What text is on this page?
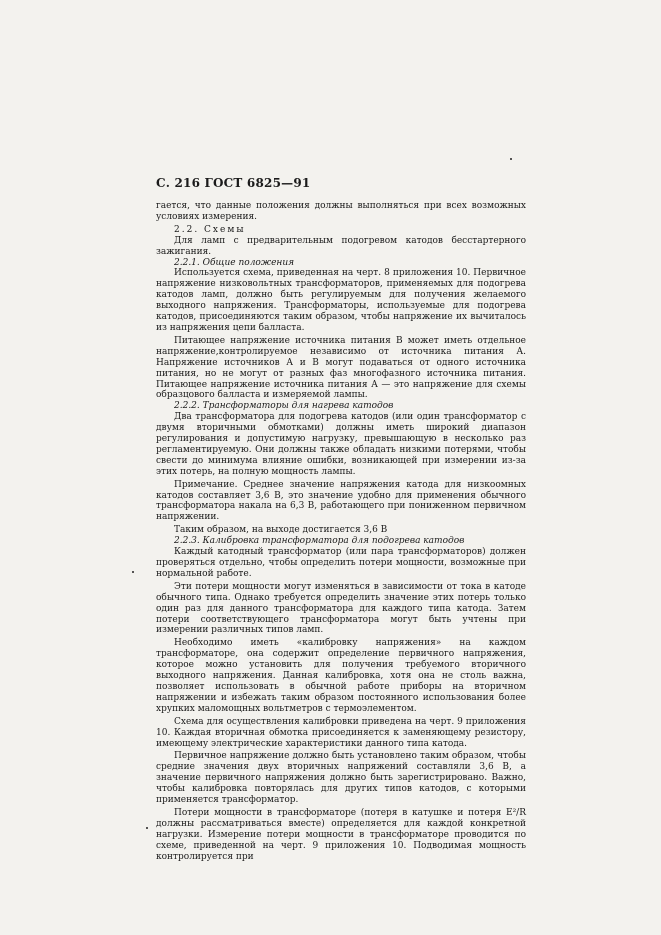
С. 216 ГОСТ 6825—91

гается, что данные положения должны выполняться при всех возможных условиях измерения.

2.2. Схемы

Для ламп с предварительным подогревом катодов бесстартерного зажигания.

2.2.1. Общие положения

Используется схема, приведенная на черт. 8 приложения 10. Первичное напряжение низковольтных трансформаторов, применяемых для подогрева катодов ламп, должно быть регулируемым для получения желаемого выходного напряжения. Трансформаторы, используемые для подогрева катодов, присоединяются таким образом, чтобы напряжение их вычиталось из напряжения цепи балласта.

Питающее напряжение источника питания В может иметь отдельное напряжение,контролируемое независимо от источника питания А. Напряжение источников А и В могут подаваться от одного источника питания, но не могут от разных фаз многофазного источника питания. Питающее напряжение источника питания А — это напряжение для схемы образцового балласта и измеряемой лампы.

2.2.2. Трансформаторы для нагрева катодов

Два трансформатора для подогрева катодов (или один трансформатор с двумя вторичными обмотками) должны иметь широкий диапазон регулирования и допустимую нагрузку, превышающую в несколько раз регламентируемую. Они должны также обладать низкими потерями, чтобы свести до минимума влияние ошибки, возникающей при измерении из-за этих потерь, на полную мощность лампы.

Примечание. Среднее значение напряжения катода для низкоомных катодов составляет 3,6 В, это значение удобно для применения обычного трансформатора накала на 6,3 В, работающего при пониженном первичном напряжении.

Таким образом, на выходе достигается 3,6 В

2.2.3. Калибровка трансформатора для подогрева катодов

Каждый катодный трансформатор (или пара трансформаторов) должен проверяться отдельно, чтобы определить потери мощности, возможные при нормальной работе.

Эти потери мощности могут изменяться в зависимости от тока в катоде обычного типа. Однако требуется определить значение этих потерь только один раз для данного трансформатора для каждого типа катода. Затем потери соответствующего трансформатора могут быть учтены при измерении различных типов ламп.

Необходимо иметь «калибровку напряжения» на каждом трансформаторе, она содержит определение первичного напряжения, которое можно установить для получения требуемого вторичного выходного напряжения. Данная калибровка, хотя она не столь важна, позволяет использовать в обычной работе приборы на вторичном напряжении и избежать таким образом постоянного использования более хрупких маломощных вольтметров с термоэлементом.

Схема для осуществления калибровки приведена на черт. 9 приложения 10. Каждая вторичная обмотка присоединяется к заменяющему резистору, имеющему электрические характеристики данного типа катода.

Первичное напряжение должно быть установлено таким образом, чтобы средние значения двух вторичных напряжений составляли 3,6 В, а значение первичного напряжения должно быть зарегистрировано. Важно, чтобы калибровка повторялась для других типов катодов, с которыми применяется трансформатор.

Потери мощности в трансформаторе (потеря в катушке и потеря E²/R должны рассматриваться вместе) определяется для каждой конкретной нагрузки. Измерение потери мощности в трансформаторе проводится по схеме, приведенной на черт. 9 приложения 10. Подводимая мощность контролируется при
